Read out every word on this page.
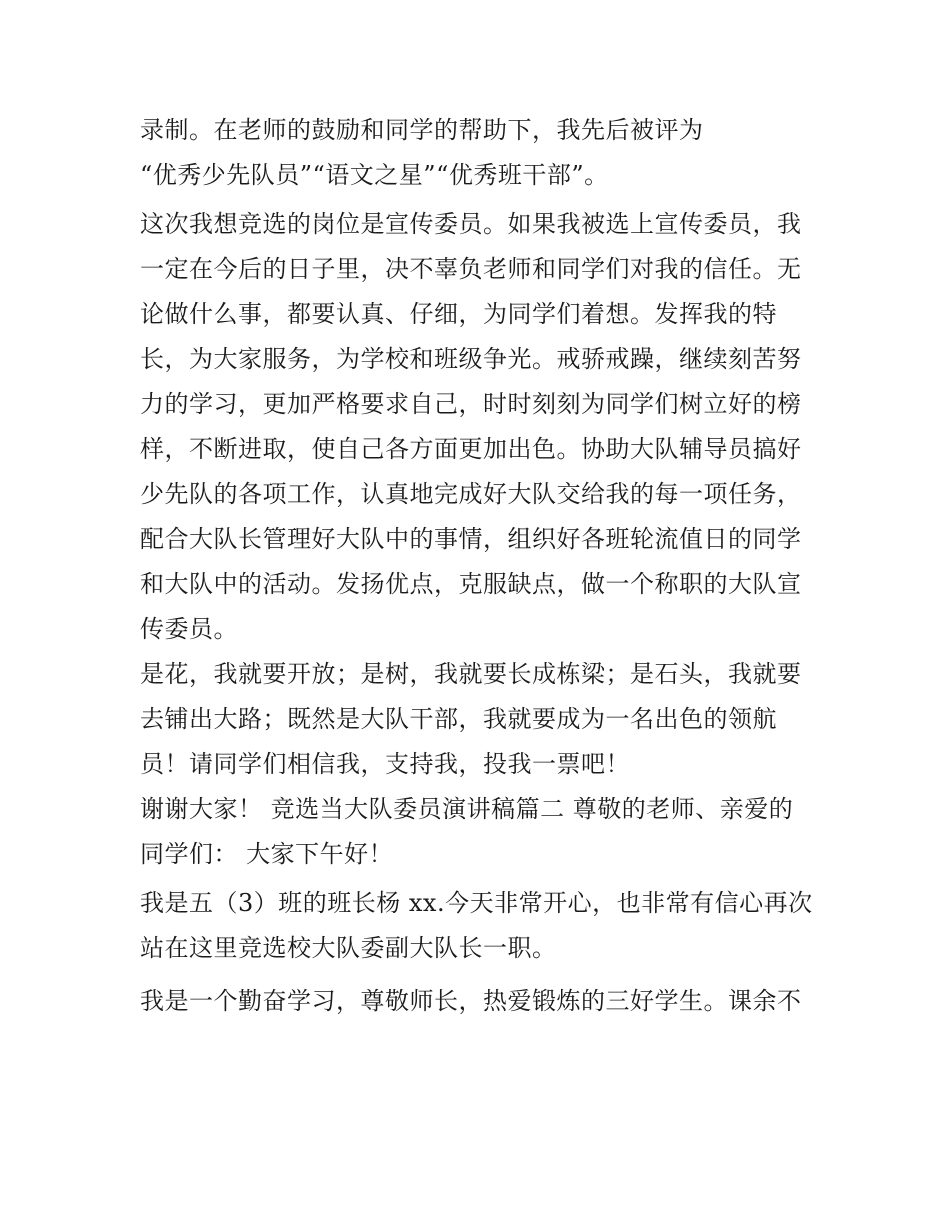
录制。在老师的鼓励和同学的帮助下，我先后被评为
“优秀少先队员”“语文之星”“优秀班干部”。
这次我想竞选的岗位是宣传委员。如果我被选上宣传委员，我
一定在今后的日子里，决不辜负老师和同学们对我的信任。无
论做什么事，都要认真、仔细，为同学们着想。发挥我的特
长，为大家服务，为学校和班级争光。戒骄戒躁，继续刻苦努
力的学习，更加严格要求自己，时时刻刻为同学们树立好的榜
样，不断进取，使自己各方面更加出色。协助大队辅导员搞好
少先队的各项工作，认真地完成好大队交给我的每一项任务，
配合大队长管理好大队中的事情，组织好各班轮流值日的同学
和大队中的活动。发扬优点，克服缺点，做一个称职的大队宣
传委员。
是花，我就要开放；是树，我就要长成栋梁；是石头，我就要
去铺出大路；既然是大队干部，我就要成为一名出色的领航
员！请同学们相信我，支持我，投我一票吧！
谢谢大家！ 竞选当大队委员演讲稿篇二 尊敬的老师、亲爱的
同学们： 大家下午好！
我是五（3）班的班长杨 xx.今天非常开心，也非常有信心再次
站在这里竞选校大队委副大队长一职。
我是一个勤奋学习，尊敬师长，热爱锻炼的三好学生。课余不
